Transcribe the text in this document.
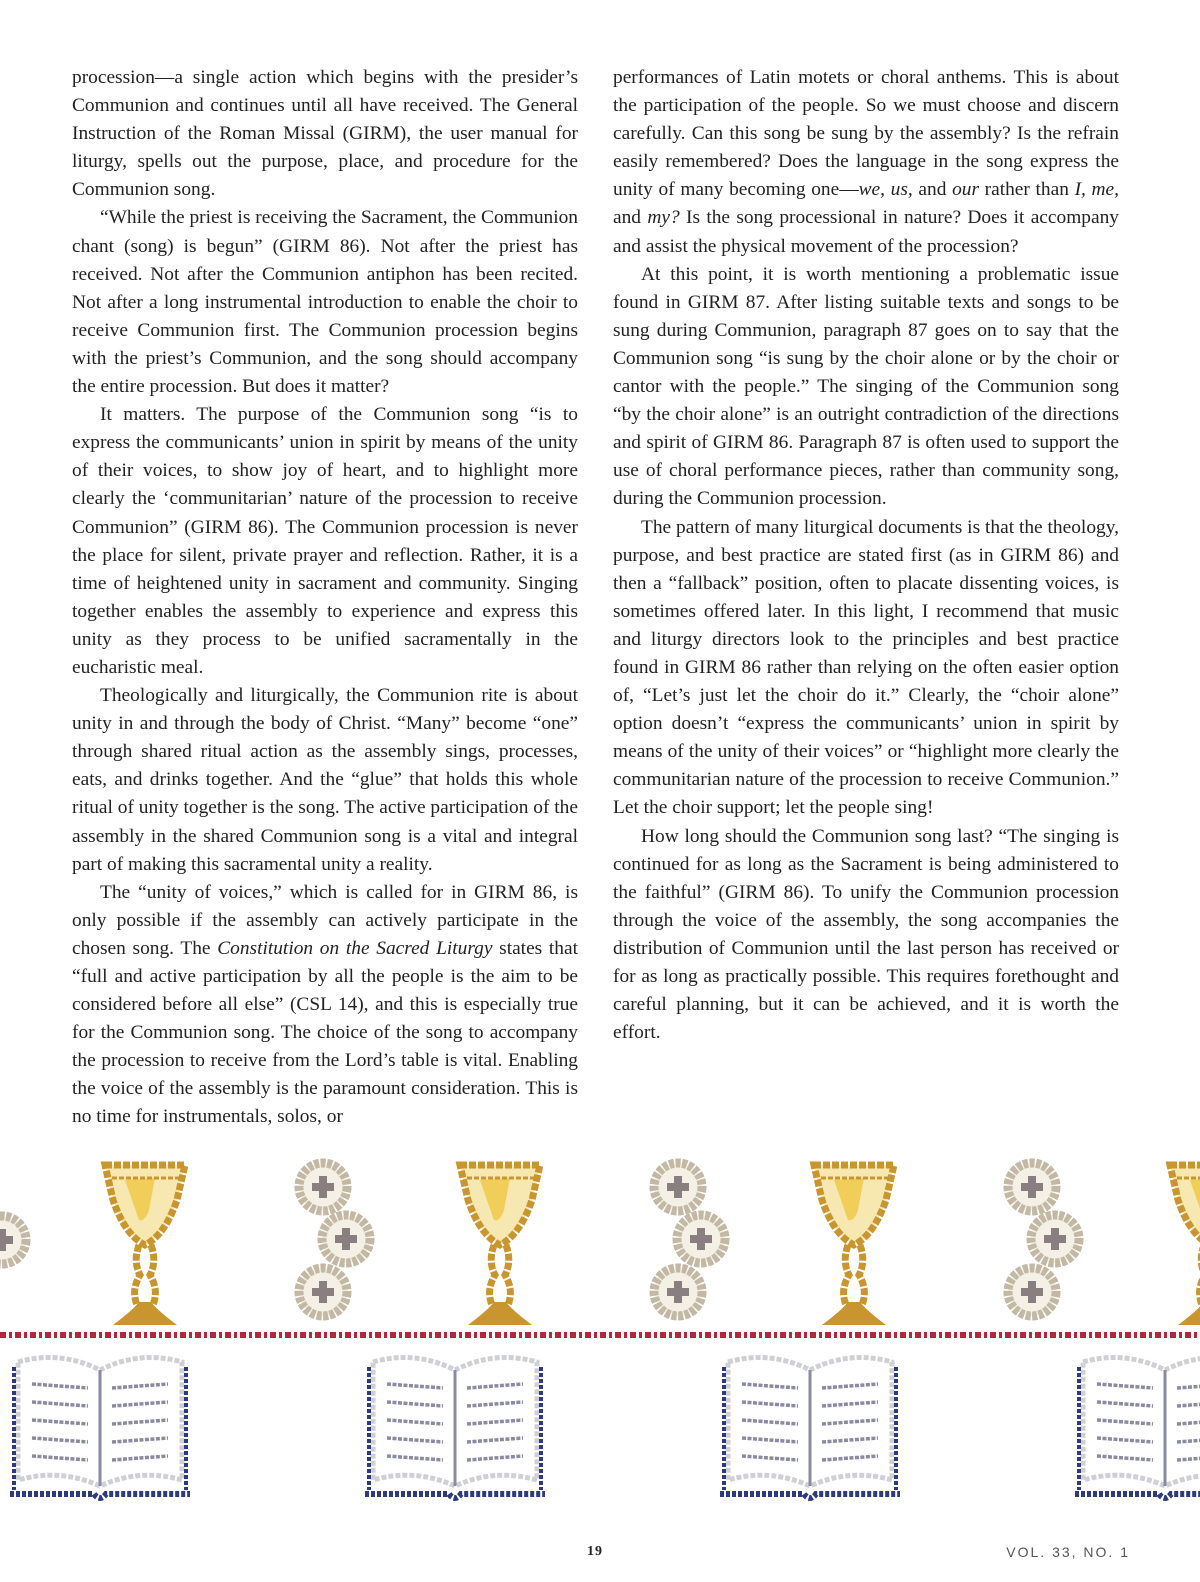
procession—a single action which begins with the presider’s Communion and continues until all have received. The General Instruction of the Roman Missal (GIRM), the user manual for liturgy, spells out the purpose, place, and procedure for the Communion song.

“While the priest is receiving the Sacrament, the Communion chant (song) is begun” (GIRM 86). Not after the priest has received. Not after the Communion antiphon has been recited. Not after a long instrumental introduction to enable the choir to receive Communion first. The Communion procession begins with the priest’s Communion, and the song should accompany the entire procession. But does it matter?

It matters. The purpose of the Communion song “is to express the communicants’ union in spirit by means of the unity of their voices, to show joy of heart, and to highlight more clearly the ‘communitarian’ nature of the procession to receive Communion” (GIRM 86). The Communion procession is never the place for silent, private prayer and reflection. Rather, it is a time of heightened unity in sacrament and community. Singing together enables the assembly to experience and express this unity as they process to be unified sacramentally in the eucharistic meal.

Theologically and liturgically, the Communion rite is about unity in and through the body of Christ. “Many” become “one” through shared ritual action as the assembly sings, processes, eats, and drinks together. And the “glue” that holds this whole ritual of unity together is the song. The active participation of the assembly in the shared Communion song is a vital and integral part of making this sacramental unity a reality.

The “unity of voices,” which is called for in GIRM 86, is only possible if the assembly can actively participate in the chosen song. The Constitution on the Sacred Liturgy states that “full and active participation by all the people is the aim to be considered before all else” (CSL 14), and this is especially true for the Communion song. The choice of the song to accompany the procession to receive from the Lord’s table is vital. Enabling the voice of the assembly is the paramount consideration. This is no time for instrumentals, solos, or

performances of Latin motets or choral anthems. This is about the participation of the people. So we must choose and discern carefully. Can this song be sung by the assembly? Is the refrain easily remembered? Does the language in the song express the unity of many becoming one—we, us, and our rather than I, me, and my? Is the song processional in nature? Does it accompany and assist the physical movement of the procession?

At this point, it is worth mentioning a problematic issue found in GIRM 87. After listing suitable texts and songs to be sung during Communion, paragraph 87 goes on to say that the Communion song “is sung by the choir alone or by the choir or cantor with the people.” The singing of the Communion song “by the choir alone” is an outright contradiction of the directions and spirit of GIRM 86. Paragraph 87 is often used to support the use of choral performance pieces, rather than community song, during the Communion procession.

The pattern of many liturgical documents is that the theology, purpose, and best practice are stated first (as in GIRM 86) and then a “fallback” position, often to placate dissenting voices, is sometimes offered later. In this light, I recommend that music and liturgy directors look to the principles and best practice found in GIRM 86 rather than relying on the often easier option of, “Let’s just let the choir do it.” Clearly, the “choir alone” option doesn’t “express the communicants’ union in spirit by means of the unity of their voices” or “highlight more clearly the communitarian nature of the procession to receive Communion.” Let the choir support; let the people sing!

How long should the Communion song last? “The singing is continued for as long as the Sacrament is being administered to the faithful” (GIRM 86). To unify the Communion procession through the voice of the assembly, the song accompanies the distribution of Communion until the last person has received or for as long as practically possible. This requires forethought and careful planning, but it can be achieved, and it is worth the effort.

19	VOL. 33, NO. 1
